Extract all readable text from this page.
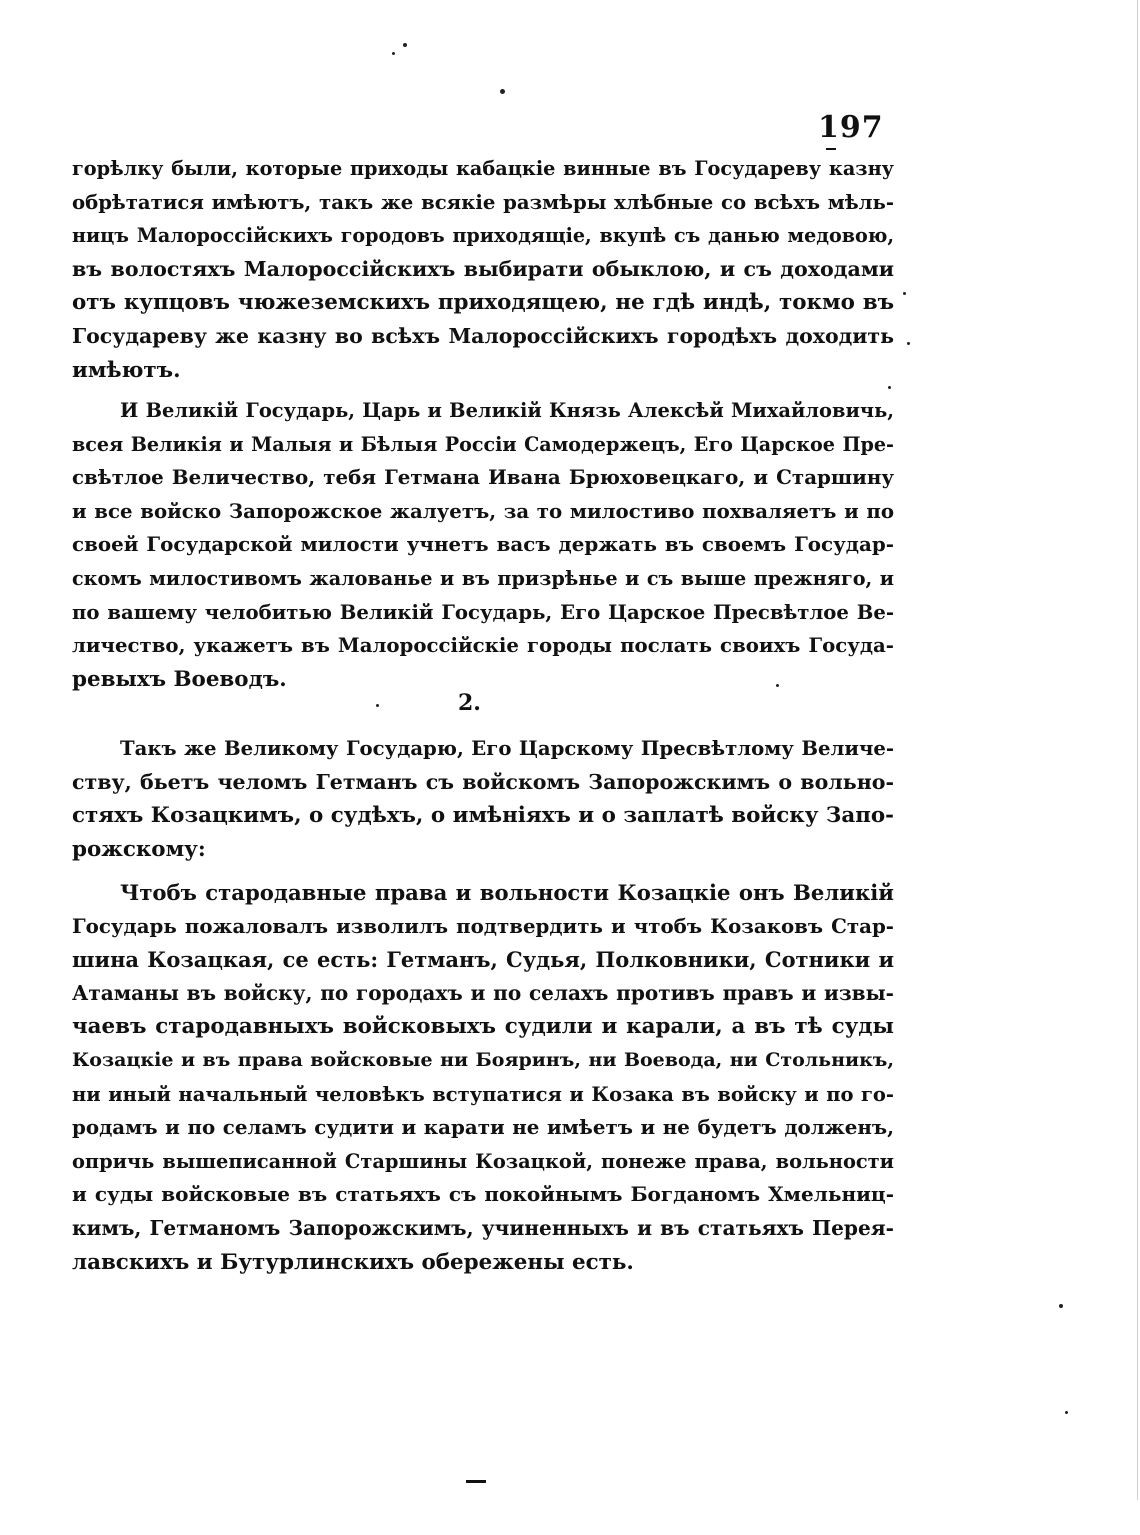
197
горѣлку были, которые приходы кабацкіе винные въ Государеву казну
обрѣтатися имѣютъ, такъ же всякіе размѣры хлѣбные со всѣхъ мѣль-
ницъ Малороссійскихъ городовъ приходящіе, вкупѣ съ данью медовою,
въ волостяхъ Малороссійскихъ выбирати обыклою, и съ доходами
отъ купцовъ чюжеземскихъ приходящею, не гдѣ индѣ, токмо въ
Государеву же казну во всѣхъ Малороссійскихъ городѣхъ доходить
имѣютъ.
И Великій Государь, Царь и Великій Князь Алексѣй Михайловичь,
всея Великія и Малыя и Бѣлыя Россіи Самодержецъ, Его Царское Пре-
свѣтлое Величество, тебя Гетмана Ивана Брюховецкаго, и Старшину
и все войско Запорожское жалуетъ, за то милостиво похваляетъ и по
своей Государской милости учнетъ васъ держать въ своемъ Государ-
скомъ милостивомъ жалованье и въ призрѣнье и съ выше прежняго, и
по вашему челобитью Великій Государь, Его Царское Пресвѣтлое Ве-
личество, укажетъ въ Малороссійскіе городы послать своихъ Госуда-
ревыхъ Воеводъ.
2.
Такъ же Великому Государю, Его Царскому Пресвѣтлому Величе-
ству, бьетъ челомъ Гетманъ съ войскомъ Запорожскимъ о вольно-
стяхъ Козацкимъ, о судѣхъ, о имѣніяхъ и о заплатѣ войску Запо-
рожскому:
Чтобъ стародавные права и вольности Козацкіе онъ Великій
Государь пожаловалъ изволилъ подтвердить и чтобъ Козаковъ Стар-
шина Козацкая, се есть: Гетманъ, Судья, Полковники, Сотники и
Атаманы въ войску, по городахъ и по селахъ противъ правъ и извы-
чаевъ стародавныхъ войсковыхъ судили и карали, а въ тѣ суды
Козацкіе и въ права войсковые ни Бояринъ, ни Воевода, ни Стольникъ,
ни иный начальный человѣкъ вступатися и Козака въ войску и по го-
родамъ и по селамъ судити и карати не имѣетъ и не будетъ долженъ,
опричь вышеписанной Старшины Козацкой, понеже права, вольности
и суды войсковые въ статьяхъ съ покойнымъ Богданомъ Хмельниц-
кимъ, Гетманомъ Запорожскимъ, учиненныхъ и въ статьяхъ Перея-
лавскихъ и Бутурлинскихъ обережены есть.
